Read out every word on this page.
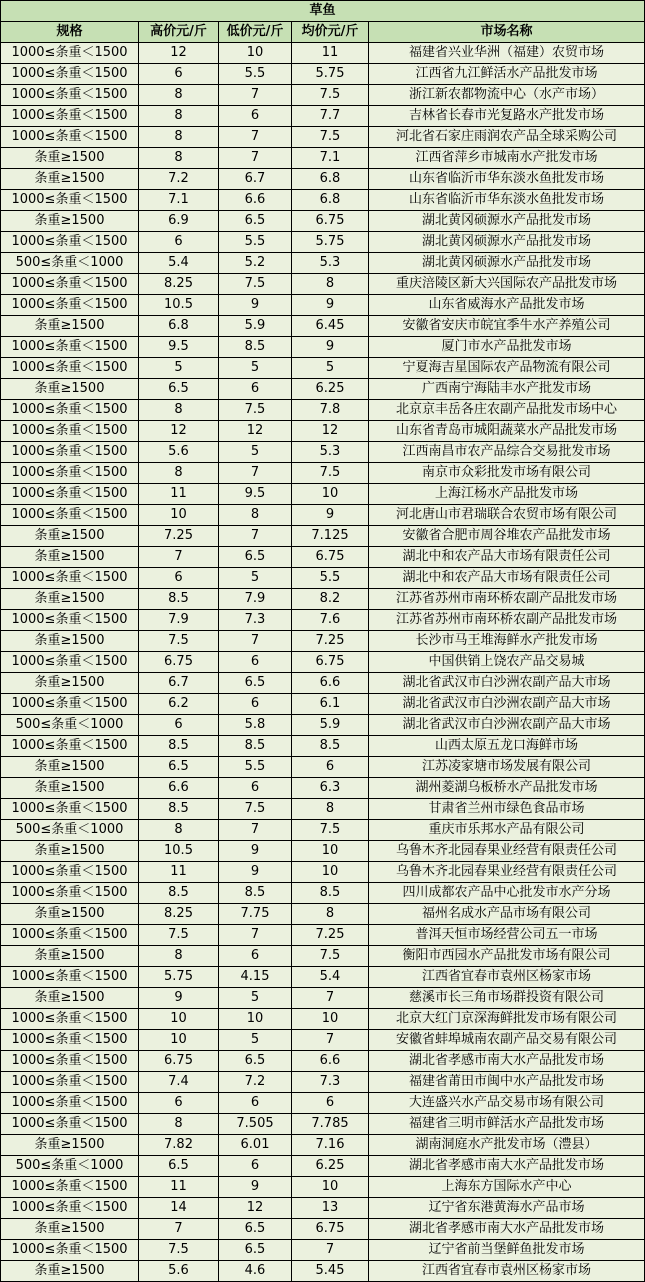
草鱼				
规格	高价元/斤	低价元/斤	均价元/斤	市场名称
1000≤条重＜1500	12	10	11	福建省兴业华洲（福建）农贸市场
1000≤条重＜1500	6	5.5	5.75	江西省九江鲜活水产品批发市场
1000≤条重＜1500	8	7	7.5	浙江新农都物流中心（水产市场）
1000≤条重＜1500	8	6	7.7	吉林省长春市光复路水产批发市场
1000≤条重＜1500	8	7	7.5	河北省石家庄雨润农产品全球采购公司
条重≥1500	8	7	7.1	江西省萍乡市城南水产批发市场
条重≥1500	7.2	6.7	6.8	山东省临沂市华东淡水鱼批发市场
1000≤条重＜1500	7.1	6.6	6.8	山东省临沂市华东淡水鱼批发市场
条重≥1500	6.9	6.5	6.75	湖北黄冈硕源水产品批发市场
1000≤条重＜1500	6	5.5	5.75	湖北黄冈硕源水产品批发市场
500≤条重＜1000	5.4	5.2	5.3	湖北黄冈硕源水产品批发市场
1000≤条重＜1500	8.25	7.5	8	重庆涪陵区新大兴国际农产品批发市场
1000≤条重＜1500	10.5	9	9	山东省威海水产品批发市场
条重≥1500	6.8	5.9	6.45	安徽省安庆市皖宜季牛水产养殖公司
1000≤条重＜1500	9.5	8.5	9	厦门市水产品批发市场
1000≤条重＜1500	5	5	5	宁夏海吉星国际农产品物流有限公司
条重≥1500	6.5	6	6.25	广西南宁海陆丰水产批发市场
1000≤条重＜1500	8	7.5	7.8	北京京丰岳各庄农副产品批发市场中心
1000≤条重＜1500	12	12	12	山东省青岛市城阳蔬菜水产品批发市场
1000≤条重＜1500	5.6	5	5.3	江西南昌市农产品综合交易批发市场
1000≤条重＜1500	8	7	7.5	南京市众彩批发市场有限公司
1000≤条重＜1500	11	9.5	10	上海江杨水产品批发市场
1000≤条重＜1500	10	8	9	河北唐山市君瑞联合农贸市场有限公司
条重≥1500	7.25	7	7.125	安徽省合肥市周谷堆农产品批发市场
条重≥1500	7	6.5	6.75	湖北中和农产品大市场有限责任公司
1000≤条重＜1500	6	5	5.5	湖北中和农产品大市场有限责任公司
条重≥1500	8.5	7.9	8.2	江苏省苏州市南环桥农副产品批发市场
1000≤条重＜1500	7.9	7.3	7.6	江苏省苏州市南环桥农副产品批发市场
条重≥1500	7.5	7	7.25	长沙市马王堆海鲜水产批发市场
1000≤条重＜1500	6.75	6	6.75	中国供销上饶农产品交易城
条重≥1500	6.7	6.5	6.6	湖北省武汉市白沙洲农副产品大市场
1000≤条重＜1500	6.2	6	6.1	湖北省武汉市白沙洲农副产品大市场
500≤条重＜1000	6	5.8	5.9	湖北省武汉市白沙洲农副产品大市场
1000≤条重＜1500	8.5	8.5	8.5	山西太原五龙口海鲜市场
条重≥1500	6.5	5.5	6	江苏凌家塘市场发展有限公司
条重≥1500	6.6	6	6.3	湖州菱湖乌板桥水产品批发市场
1000≤条重＜1500	8.5	7.5	8	甘肃省兰州市绿色食品市场
500≤条重＜1000	8	7	7.5	重庆市乐邦水产品有限公司
条重≥1500	10.5	9	10	乌鲁木齐北园春果业经营有限责任公司
1000≤条重＜1500	11	9	10	乌鲁木齐北园春果业经营有限责任公司
1000≤条重＜1500	8.5	8.5	8.5	四川成都农产品中心批发市水产分场
条重≥1500	8.25	7.75	8	福州名成水产品市场有限公司
1000≤条重＜1500	7.5	7	7.25	普洱天恒市场经营公司五一市场
条重≥1500	8	6	7.5	衡阳市西园水产品批发市场有限公司
1000≤条重＜1500	5.75	4.15	5.4	江西省宜春市袁州区杨家市场
条重≥1500	9	5	7	慈溪市长三角市场群投资有限公司
1000≤条重＜1500	10	10	10	北京大红门京深海鲜批发市场有限公司
1000≤条重＜1500	10	5	7	安徽省蚌埠城南农副产品交易有限公司
1000≤条重＜1500	6.75	6.5	6.6	湖北省孝感市南大水产品批发市场
1000≤条重＜1500	7.4	7.2	7.3	福建省莆田市闽中水产品批发市场
1000≤条重＜1500	6	6	6	大连盛兴水产品交易市场有限公司
1000≤条重＜1500	8	7.505	7.785	福建省三明市鲜活水产品批发市场
条重≥1500	7.82	6.01	7.16	湖南洞庭水产批发市场（澧县）
500≤条重＜1000	6.5	6	6.25	湖北省孝感市南大水产品批发市场
1000≤条重＜1500	11	9	10	上海东方国际水产中心
1000≤条重＜1500	14	12	13	辽宁省东港黄海水产品市场
条重≥1500	7	6.5	6.75	湖北省孝感市南大水产品批发市场
1000≤条重＜1500	7.5	6.5	7	辽宁省前当堡鲜鱼批发市场
条重≥1500	5.6	4.6	5.45	江西省宜春市袁州区杨家市场
